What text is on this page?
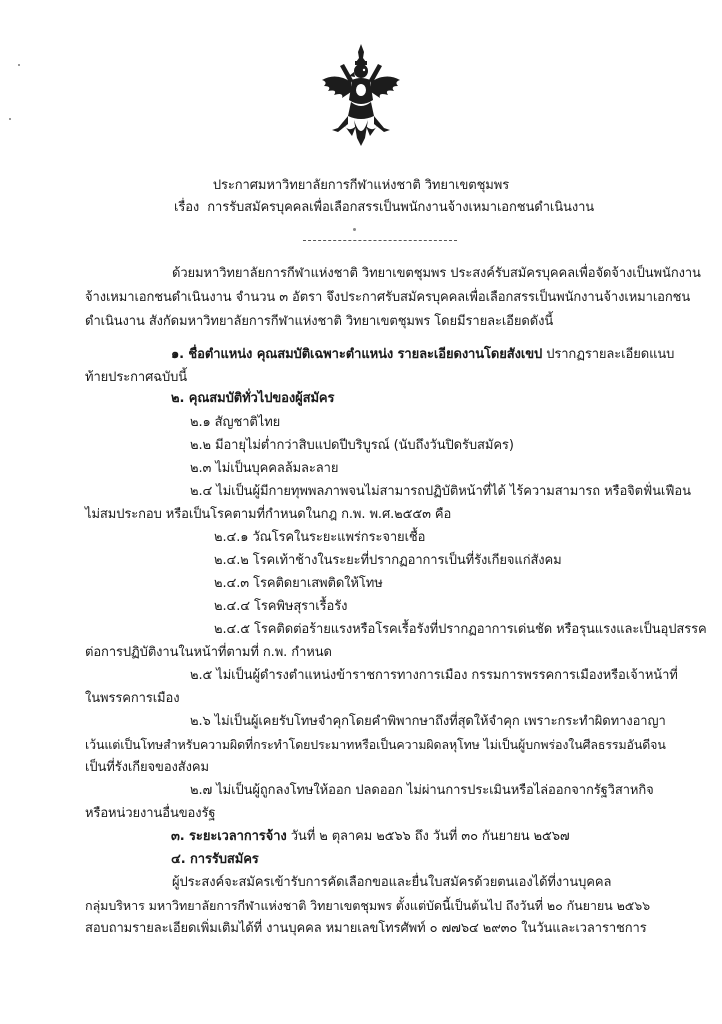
ประกาศมหาวิทยาลัยการกีฬาแห่งชาติ วิทยาเขตชุมพร
เรื่อง การรับสมัครบุคคลเพื่อเลือกสรรเป็นพนักงานจ้างเหมาเอกชนดำเนินงาน
ด้วยมหาวิทยาลัยการกีฬาแห่งชาติ วิทยาเขตชุมพร ประสงค์รับสมัครบุคคลเพื่อจัดจ้างเป็นพนักงาน
จ้างเหมาเอกชนดำเนินงาน จำนวน ๓ อัตรา จึงประกาศรับสมัครบุคคลเพื่อเลือกสรรเป็นพนักงานจ้างเหมาเอกชน
ดำเนินงาน สังกัดมหาวิทยาลัยการกีฬาแห่งชาติ วิทยาเขตชุมพร โดยมีรายละเอียดดังนี้
๑. ชื่อตำแหน่ง คุณสมบัติเฉพาะตำแหน่ง รายละเอียดงานโดยสังเขป ปรากฏรายละเอียดแนบ
ท้ายประกาศฉบับนี้
๒. คุณสมบัติทั่วไปของผู้สมัคร
๒.๑ สัญชาติไทย
๒.๒ มีอายุไม่ต่ำกว่าสิบแปดปีบริบูรณ์ (นับถึงวันปิดรับสมัคร)
๒.๓ ไม่เป็นบุคคลล้มละลาย
๒.๔ ไม่เป็นผู้มีกายทุพพลภาพจนไม่สามารถปฏิบัติหน้าที่ได้ ไร้ความสามารถ หรือจิตฟั่นเฟือน
ไม่สมประกอบ หรือเป็นโรคตามที่กำหนดในกฎ ก.พ. พ.ศ.๒๕๕๓ คือ
๒.๔.๑ วัณโรคในระยะแพร่กระจายเชื้อ
๒.๔.๒ โรคเท้าช้างในระยะที่ปรากฏอาการเป็นที่รังเกียจแก่สังคม
๒.๔.๓ โรคติดยาเสพติดให้โทษ
๒.๔.๔ โรคพิษสุราเรื้อรัง
๒.๔.๕ โรคติดต่อร้ายแรงหรือโรคเรื้อรังที่ปรากฏอาการเด่นชัด หรือรุนแรงและเป็นอุปสรรค
ต่อการปฏิบัติงานในหน้าที่ตามที่ ก.พ. กำหนด
๒.๕ ไม่เป็นผู้ดำรงตำแหน่งข้าราชการทางการเมือง กรรมการพรรคการเมืองหรือเจ้าหน้าที่
ในพรรคการเมือง
๒.๖ ไม่เป็นผู้เคยรับโทษจำคุกโดยคำพิพากษาถึงที่สุดให้จำคุก เพราะกระทำผิดทางอาญา
เว้นแต่เป็นโทษสำหรับความผิดที่กระทำโดยประมาทหรือเป็นความผิดลหุโทษ ไม่เป็นผู้บกพร่องในศีลธรรมอันดีจน
เป็นที่รังเกียจของสังคม
๒.๗ ไม่เป็นผู้ถูกลงโทษให้ออก ปลดออก ไม่ผ่านการประเมินหรือไล่ออกจากรัฐวิสาหกิจ
หรือหน่วยงานอื่นของรัฐ
๓. ระยะเวลาการจ้าง วันที่ ๒ ตุลาคม ๒๕๖๖ ถึง วันที่ ๓๐ กันยายน ๒๕๖๗
๔. การรับสมัคร
ผู้ประสงค์จะสมัครเข้ารับการคัดเลือกขอและยื่นใบสมัครด้วยตนเองได้ที่งานบุคคล
กลุ่มบริหาร มหาวิทยาลัยการกีฬาแห่งชาติ วิทยาเขตชุมพร ตั้งแต่บัดนี้เป็นต้นไป ถึงวันที่ ๒๐ กันยายน ๒๕๖๖
สอบถามรายละเอียดเพิ่มเติมได้ที่ งานบุคคล หมายเลขโทรศัพท์ ๐ ๗๗๖๔ ๒๙๓๐ ในวันและเวลาราชการ
